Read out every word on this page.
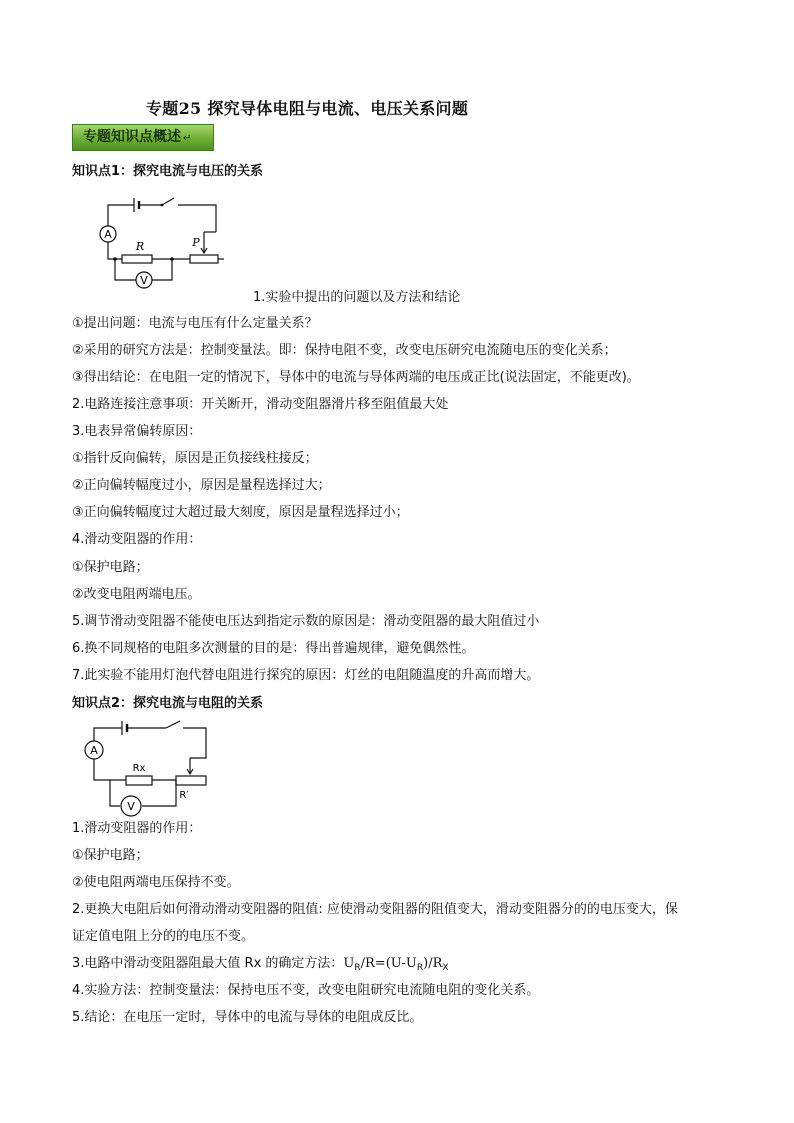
专题25 探究导体电阻与电流、电压关系问题
专题知识点概述 ↵
知识点1：探究电流与电压的关系
A
V
R	P
1.实验中提出的问题以及方法和结论
①提出问题：电流与电压有什么定量关系？
②采用的研究方法是：控制变量法。即：保持电阻不变，改变电压研究电流随电压的变化关系；
③得出结论：在电阻一定的情况下，导体中的电流与导体两端的电压成正比(说法固定，不能更改)。
2.电路连接注意事项：开关断开，滑动变阻器滑片移至阻值最大处
3.电表异常偏转原因：
①指针反向偏转，原因是正负接线柱接反；
②正向偏转幅度过小，原因是量程选择过大；
③正向偏转幅度过大超过最大刻度，原因是量程选择过小；
4.滑动变阻器的作用：
①保护电路；
②改变电阻两端电压。
5.调节滑动变阻器不能使电压达到指定示数的原因是：滑动变阻器的最大阻值过小
6.换不同规格的电阻多次测量的目的是：得出普遍规律，避免偶然性。
7.此实验不能用灯泡代替电阻进行探究的原因：灯丝的电阻随温度的升高而增大。
知识点2：探究电流与电阻的关系
A
V
Rx
R′
1.滑动变阻器的作用：
①保护电路；
②使电阻两端电压保持不变。
2.更换大电阻后如何滑动滑动变阻器的阻值: 应使滑动变阻器的阻值变大，滑动变阻器分的的电压变大，保
证定值电阻上分的的电压不变。
3.电路中滑动变阻器阻最大值 Rx 的确定方法：$U_R/R=(U-U_R)/R_X$
4.实验方法：控制变量法：保持电压不变，改变电阻研究电流随电阻的变化关系。
5.结论：在电压一定时，导体中的电流与导体的电阻成反比。
